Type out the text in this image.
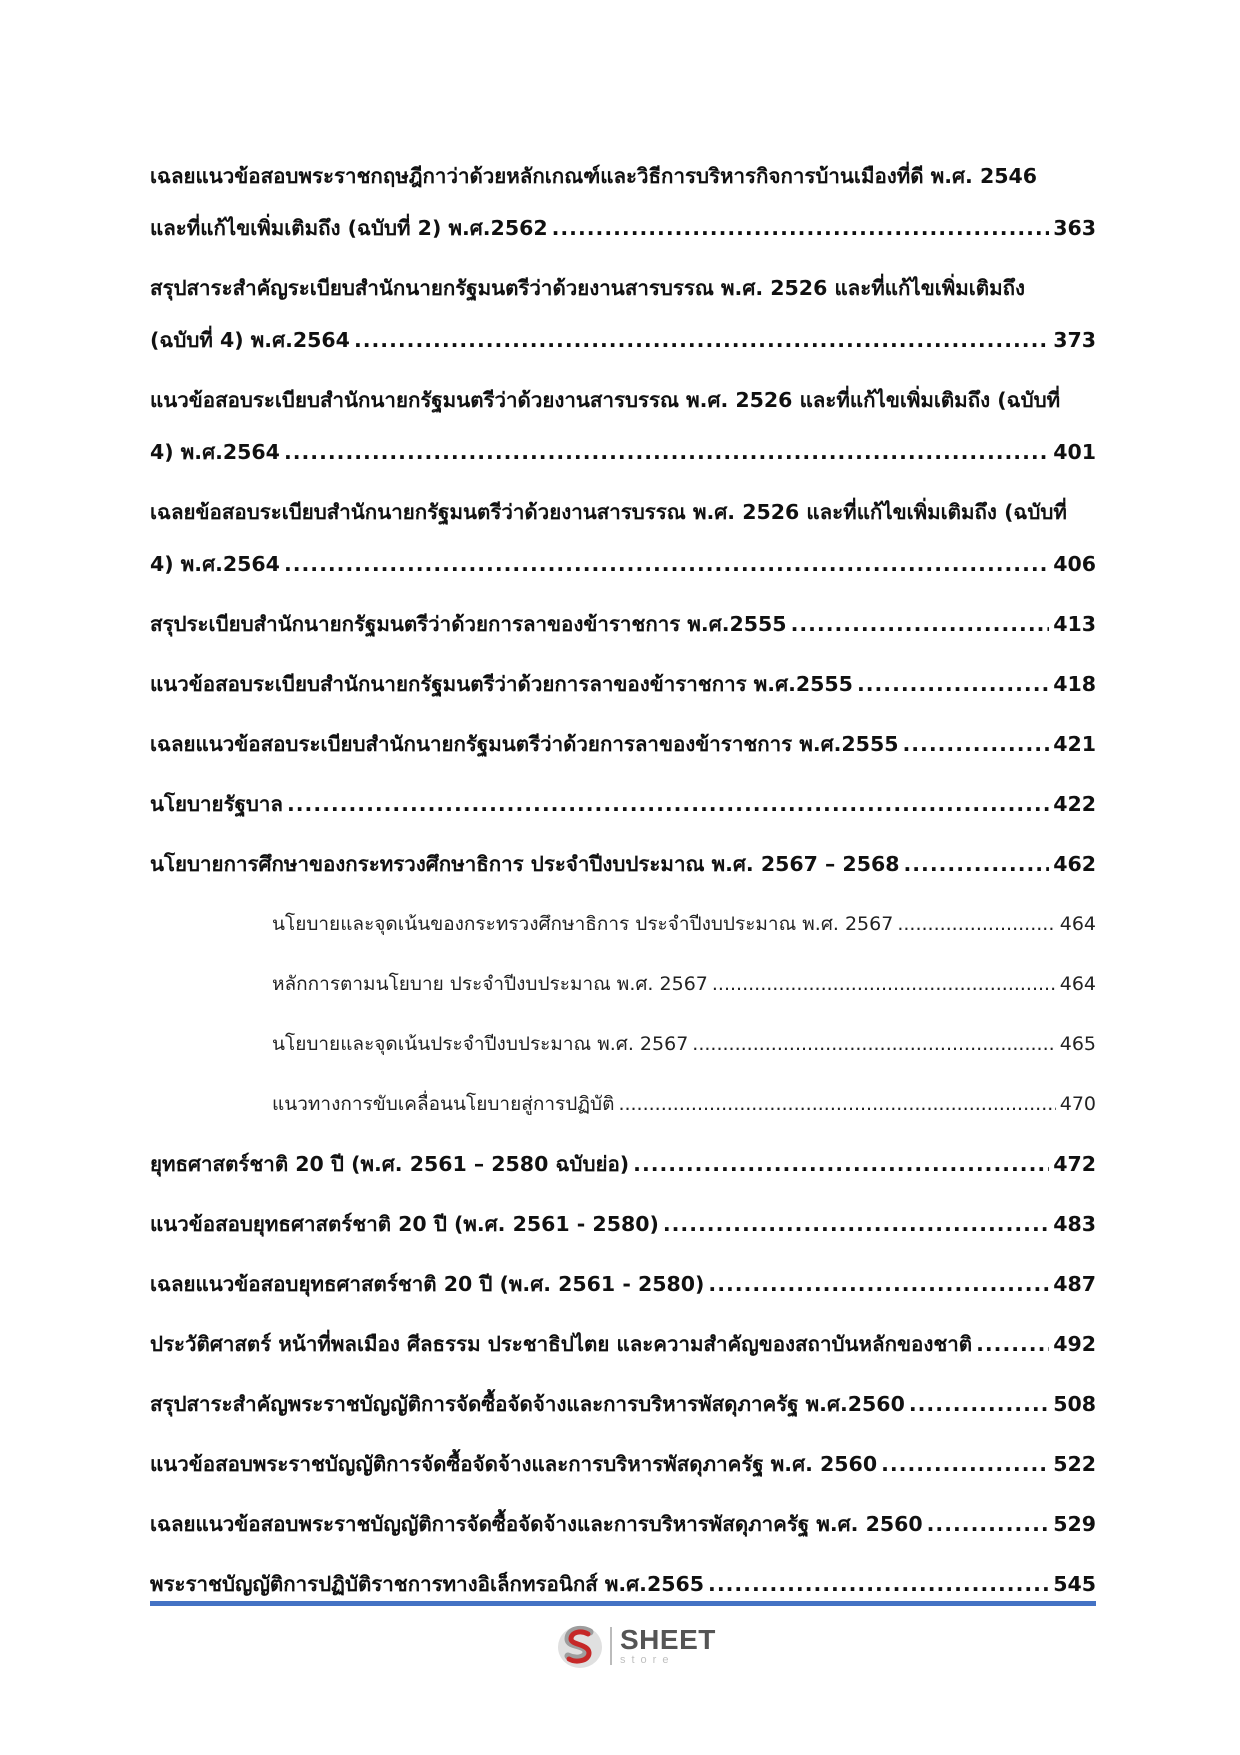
เฉลยแนวข้อสอบพระราชกฤษฎีกาว่าด้วยหลักเกณฑ์และวิธีการบริหารกิจการบ้านเมืองที่ดี พ.ศ. 2546
และที่แก้ไขเพิ่มเติมถึง (ฉบับที่ 2) พ.ศ.2562 .....	363
สรุปสาระสำคัญระเบียบสำนักนายกรัฐมนตรีว่าด้วยงานสารบรรณ พ.ศ. 2526 และที่แก้ไขเพิ่มเติมถึง
(ฉบับที่ 4) พ.ศ.2564 .....	373
แนวข้อสอบระเบียบสำนักนายกรัฐมนตรีว่าด้วยงานสารบรรณ พ.ศ. 2526 และที่แก้ไขเพิ่มเติมถึง (ฉบับที่
4) พ.ศ.2564 .....	401
เฉลยข้อสอบระเบียบสำนักนายกรัฐมนตรีว่าด้วยงานสารบรรณ พ.ศ. 2526 และที่แก้ไขเพิ่มเติมถึง (ฉบับที่
4) พ.ศ.2564 .....	406
สรุประเบียบสำนักนายกรัฐมนตรีว่าด้วยการลาของข้าราชการ พ.ศ.2555 .....	413
แนวข้อสอบระเบียบสำนักนายกรัฐมนตรีว่าด้วยการลาของข้าราชการ พ.ศ.2555 .....	418
เฉลยแนวข้อสอบระเบียบสำนักนายกรัฐมนตรีว่าด้วยการลาของข้าราชการ พ.ศ.2555 .....	421
นโยบายรัฐบาล .....	422
นโยบายการศึกษาของกระทรวงศึกษาธิการ ประจำปีงบประมาณ พ.ศ. 2567 – 2568 .....	462
นโยบายและจุดเน้นของกระทรวงศึกษาธิการ ประจำปีงบประมาณ พ.ศ. 2567 .....	464
หลักการตามนโยบาย ประจำปีงบประมาณ พ.ศ. 2567 .....	464
นโยบายและจุดเน้นประจำปีงบประมาณ พ.ศ. 2567 .....	465
แนวทางการขับเคลื่อนนโยบายสู่การปฏิบัติ .....	470
ยุทธศาสตร์ชาติ 20 ปี (พ.ศ. 2561 – 2580 ฉบับย่อ) .....	472
แนวข้อสอบยุทธศาสตร์ชาติ 20 ปี (พ.ศ. 2561 - 2580) .....	483
เฉลยแนวข้อสอบยุทธศาสตร์ชาติ 20 ปี (พ.ศ. 2561 - 2580) .....	487
ประวัติศาสตร์ หน้าที่พลเมือง ศีลธรรม ประชาธิปไตย และความสำคัญของสถาบันหลักของชาติ .....	492
สรุปสาระสำคัญพระราชบัญญัติการจัดซื้อจัดจ้างและการบริหารพัสดุภาครัฐ พ.ศ.2560 .....	508
แนวข้อสอบพระราชบัญญัติการจัดซื้อจัดจ้างและการบริหารพัสดุภาครัฐ พ.ศ. 2560 .....	522
เฉลยแนวข้อสอบพระราชบัญญัติการจัดซื้อจัดจ้างและการบริหารพัสดุภาครัฐ พ.ศ. 2560 .....	529
พระราชบัญญัติการปฏิบัติราชการทางอิเล็กทรอนิกส์ พ.ศ.2565 .....	545
SHEET
store
